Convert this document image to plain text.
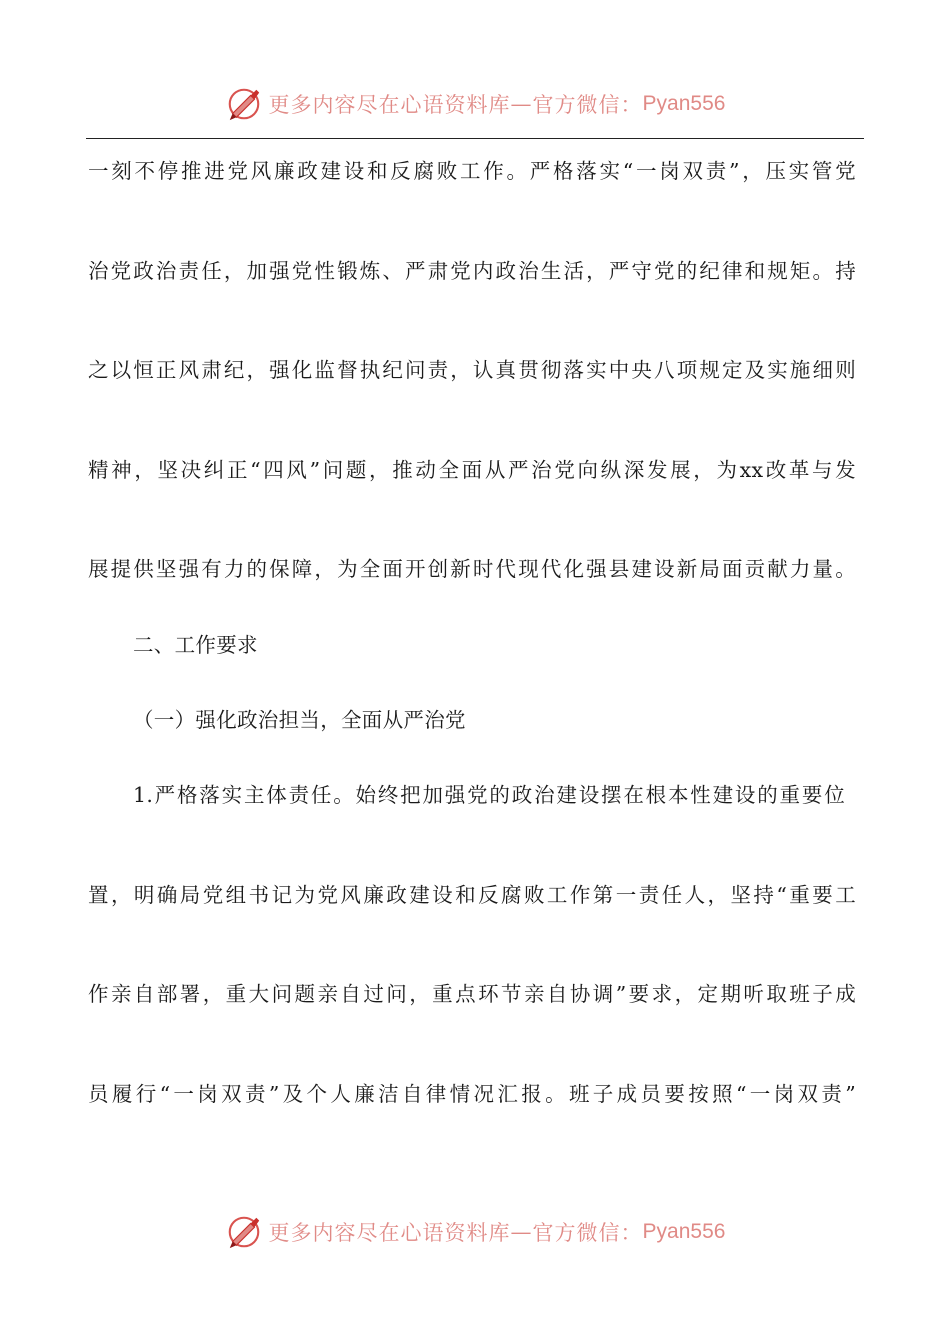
更多内容尽在心语资料库 — 官方微信： Pyan556
一刻不停推进党风廉政建设和反腐败工作。严格落实“一岗双责”，压实管党
治党政治责任，加强党性锻炼、严肃党内政治生活，严守党的纪律和规矩。持
之以恒正风肃纪，强化监督执纪问责，认真贯彻落实中央八项规定及实施细则
精神，坚决纠正“四风”问题，推动全面从严治党向纵深发展，为xx改革与发
展提供坚强有力的保障，为全面开创新时代现代化强县建设新局面贡献力量。
二、工作要求
（一）强化政治担当，全面从严治党
1.严格落实主体责任。始终把加强党的政治建设摆在根本性建设的重要位
置，明确局党组书记为党风廉政建设和反腐败工作第一责任人，坚持“重要工
作亲自部署，重大问题亲自过问，重点环节亲自协调”要求，定期听取班子成
员履行“一岗双责”及个人廉洁自律情况汇报。班子成员要按照“一岗双责”
更多内容尽在心语资料库 — 官方微信： Pyan556
